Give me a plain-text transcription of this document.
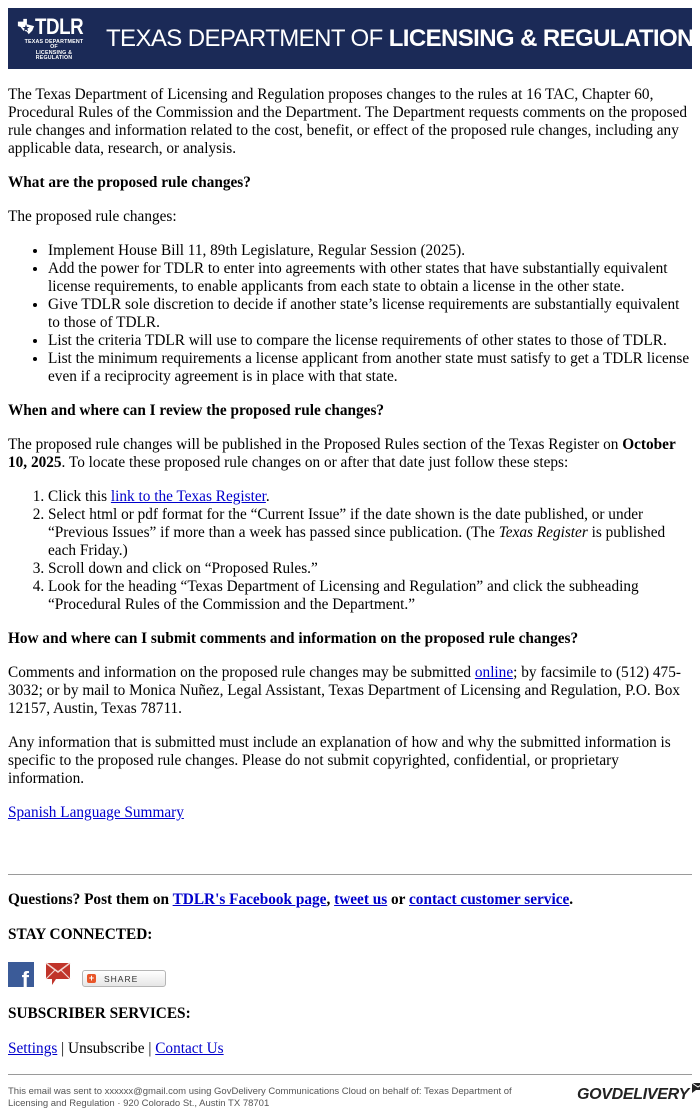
TDLR
TEXAS DEPARTMENT OF
LICENSING & REGULATION
TEXAS DEPARTMENT OF LICENSING & REGULATION

The Texas Department of Licensing and Regulation proposes changes to the rules at 16 TAC, Chapter 60, Procedural Rules of the Commission and the Department. The Department requests comments on the proposed rule changes and information related to the cost, benefit, or effect of the proposed rule changes, including any applicable data, research, or analysis.

What are the proposed rule changes?

The proposed rule changes:

• Implement House Bill 11, 89th Legislature, Regular Session (2025).
• Add the power for TDLR to enter into agreements with other states that have substantially equivalent license requirements, to enable applicants from each state to obtain a license in the other state.
• Give TDLR sole discretion to decide if another state’s license requirements are substantially equivalent to those of TDLR.
• List the criteria TDLR will use to compare the license requirements of other states to those of TDLR.
• List the minimum requirements a license applicant from another state must satisfy to get a TDLR license even if a reciprocity agreement is in place with that state.
When and where can I review the proposed rule changes?

The proposed rule changes will be published in the Proposed Rules section of the Texas Register on October 10, 2025. To locate these proposed rule changes on or after that date just follow these steps:

1. Click this link to the Texas Register.
2. Select html or pdf format for the “Current Issue” if the date shown is the date published, or under “Previous Issues” if more than a week has passed since publication. (The Texas Register is published each Friday.)
3. Scroll down and click on “Proposed Rules.”
4. Look for the heading “Texas Department of Licensing and Regulation” and click the subheading “Procedural Rules of the Commission and the Department.”
How and where can I submit comments and information on the proposed rule changes?

Comments and information on the proposed rule changes may be submitted online; by facsimile to (512) 475-3032; or by mail to Monica Nuñez, Legal Assistant, Texas Department of Licensing and Regulation, P.O. Box 12157, Austin, Texas 78711.

Any information that is submitted must include an explanation of how and why the submitted information is specific to the proposed rule changes. Please do not submit copyrighted, confidential, or proprietary information.

Spanish Language Summary

Questions? Post them on TDLR's Facebook page, tweet us or contact customer service.
STAY CONNECTED:
f	+ SHARE
SUBSCRIBER SERVICES:
Settings | Unsubscribe | Contact Us
This email was sent to xxxxxx@gmail.com using GovDelivery Communications Cloud on behalf of: Texas Department of Licensing and Regulation · 920 Colorado St., Austin TX 78701
GOVDELIVERY
